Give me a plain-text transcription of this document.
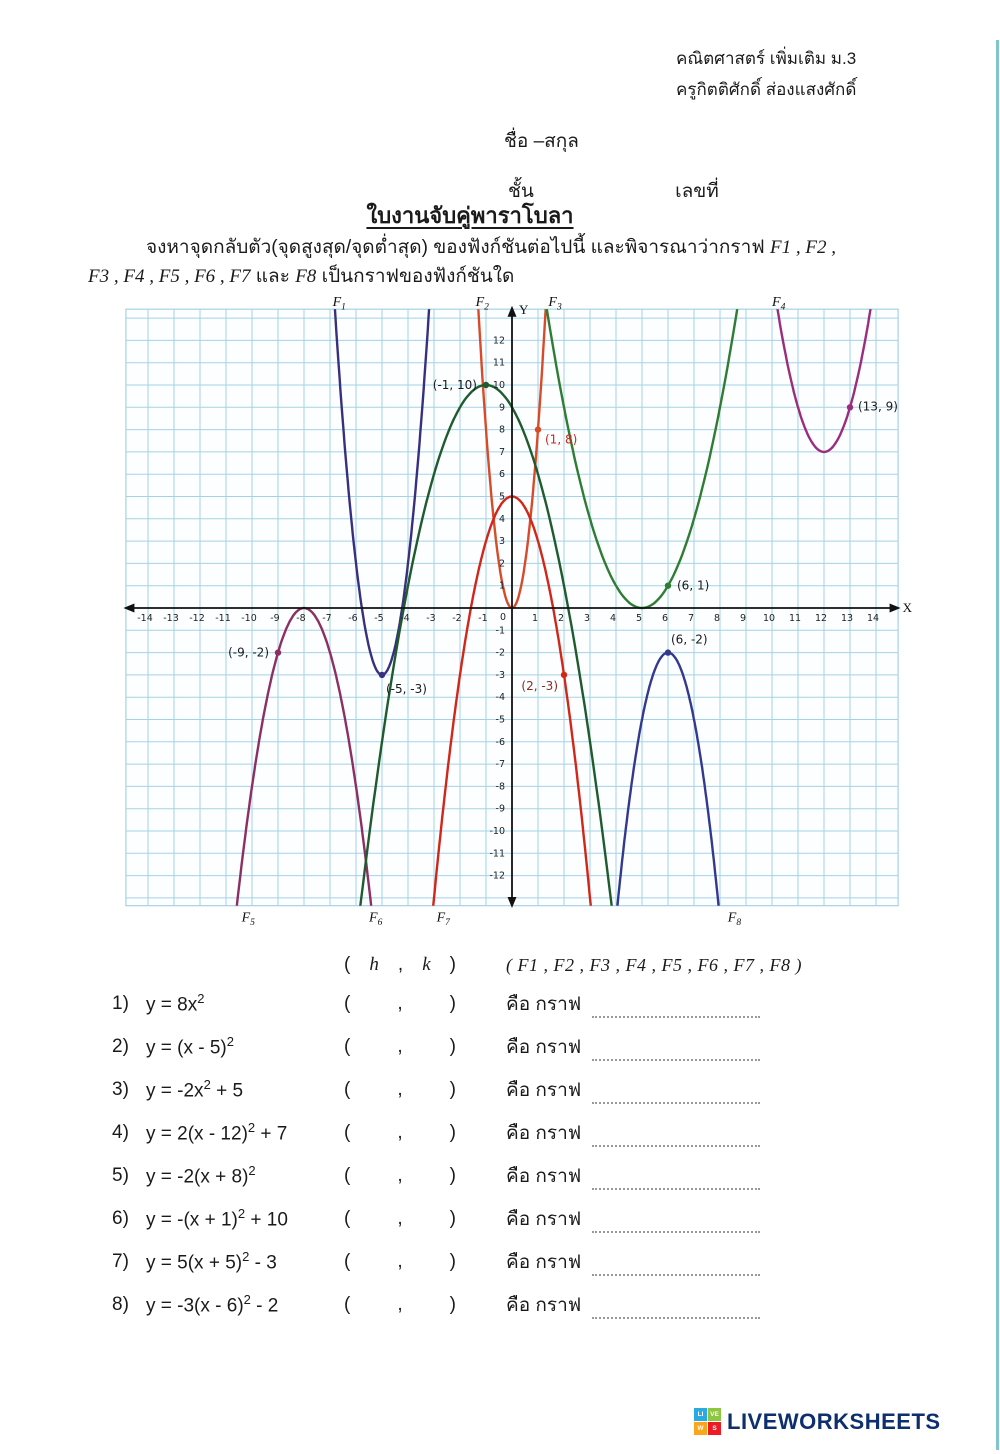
คณิตศาสตร์ เพิ่มเติม ม.3
ครูกิตติศักดิ์ ส่องแสงศักดิ์
ชื่อ –สกุล
ชั้น	เลขที่
ใบงานจับคู่พาราโบลา
จงหาจุดกลับตัว(จุดสูงสุด/จุดต่ำสุด) ของฟังก์ชันต่อไปนี้ และพิจารณาว่ากราฟ F1 , F2 ,
F3 , F4 , F5 , F6 , F7 และ F8 เป็นกราฟของฟังก์ชันใด
-14 -13 -12 -11 -10 -9 -8 -7 -6 -5 -4 -3 -2 -1	1 2 3 4 5 6 7 8 9 10 11 12 13 14
-12
-11
-10
-9
-8
-7
-6
-5
-4
-3
-2
-1
1
2
3
4
5
6
7
8
9
10
11
12
0
X
Y
(-5, -3)
(1, 8)
(6, 1)
(13, 9)
(-9, -2)
(-1, 10)
(2, -3)
(6, -2)
$F_1$	$F_2$	$F_3$	$F_4$
$F_5$	$F_6$	$F_7$	$F_8$
( h , k )	( F1 , F2 , F3 , F4 , F5 , F6 , F7 , F8 )
1) $y = 8x^2$	( , )	คือ กราฟ
2) y = (x - 5)$^2$	( , )	คือ กราฟ
3) $y = -2x^2 + 5$	( , )	คือ กราฟ
4) y = 2(x - 12)$^2$ + 7	( , )	คือ กราฟ
5) $y = -2(x + 8)^2$	( , )	คือ กราฟ
6) $y = -(x + 1)^2 + 10$	( , )	คือ กราฟ
7) $y = 5(x + 5)^2 - 3$	( , )	คือ กราฟ
8) y = -3(x - 6)$^2$ - 2	( , )	คือ กราฟ
LI	VE
W	S LIVEWORKSHEETS
